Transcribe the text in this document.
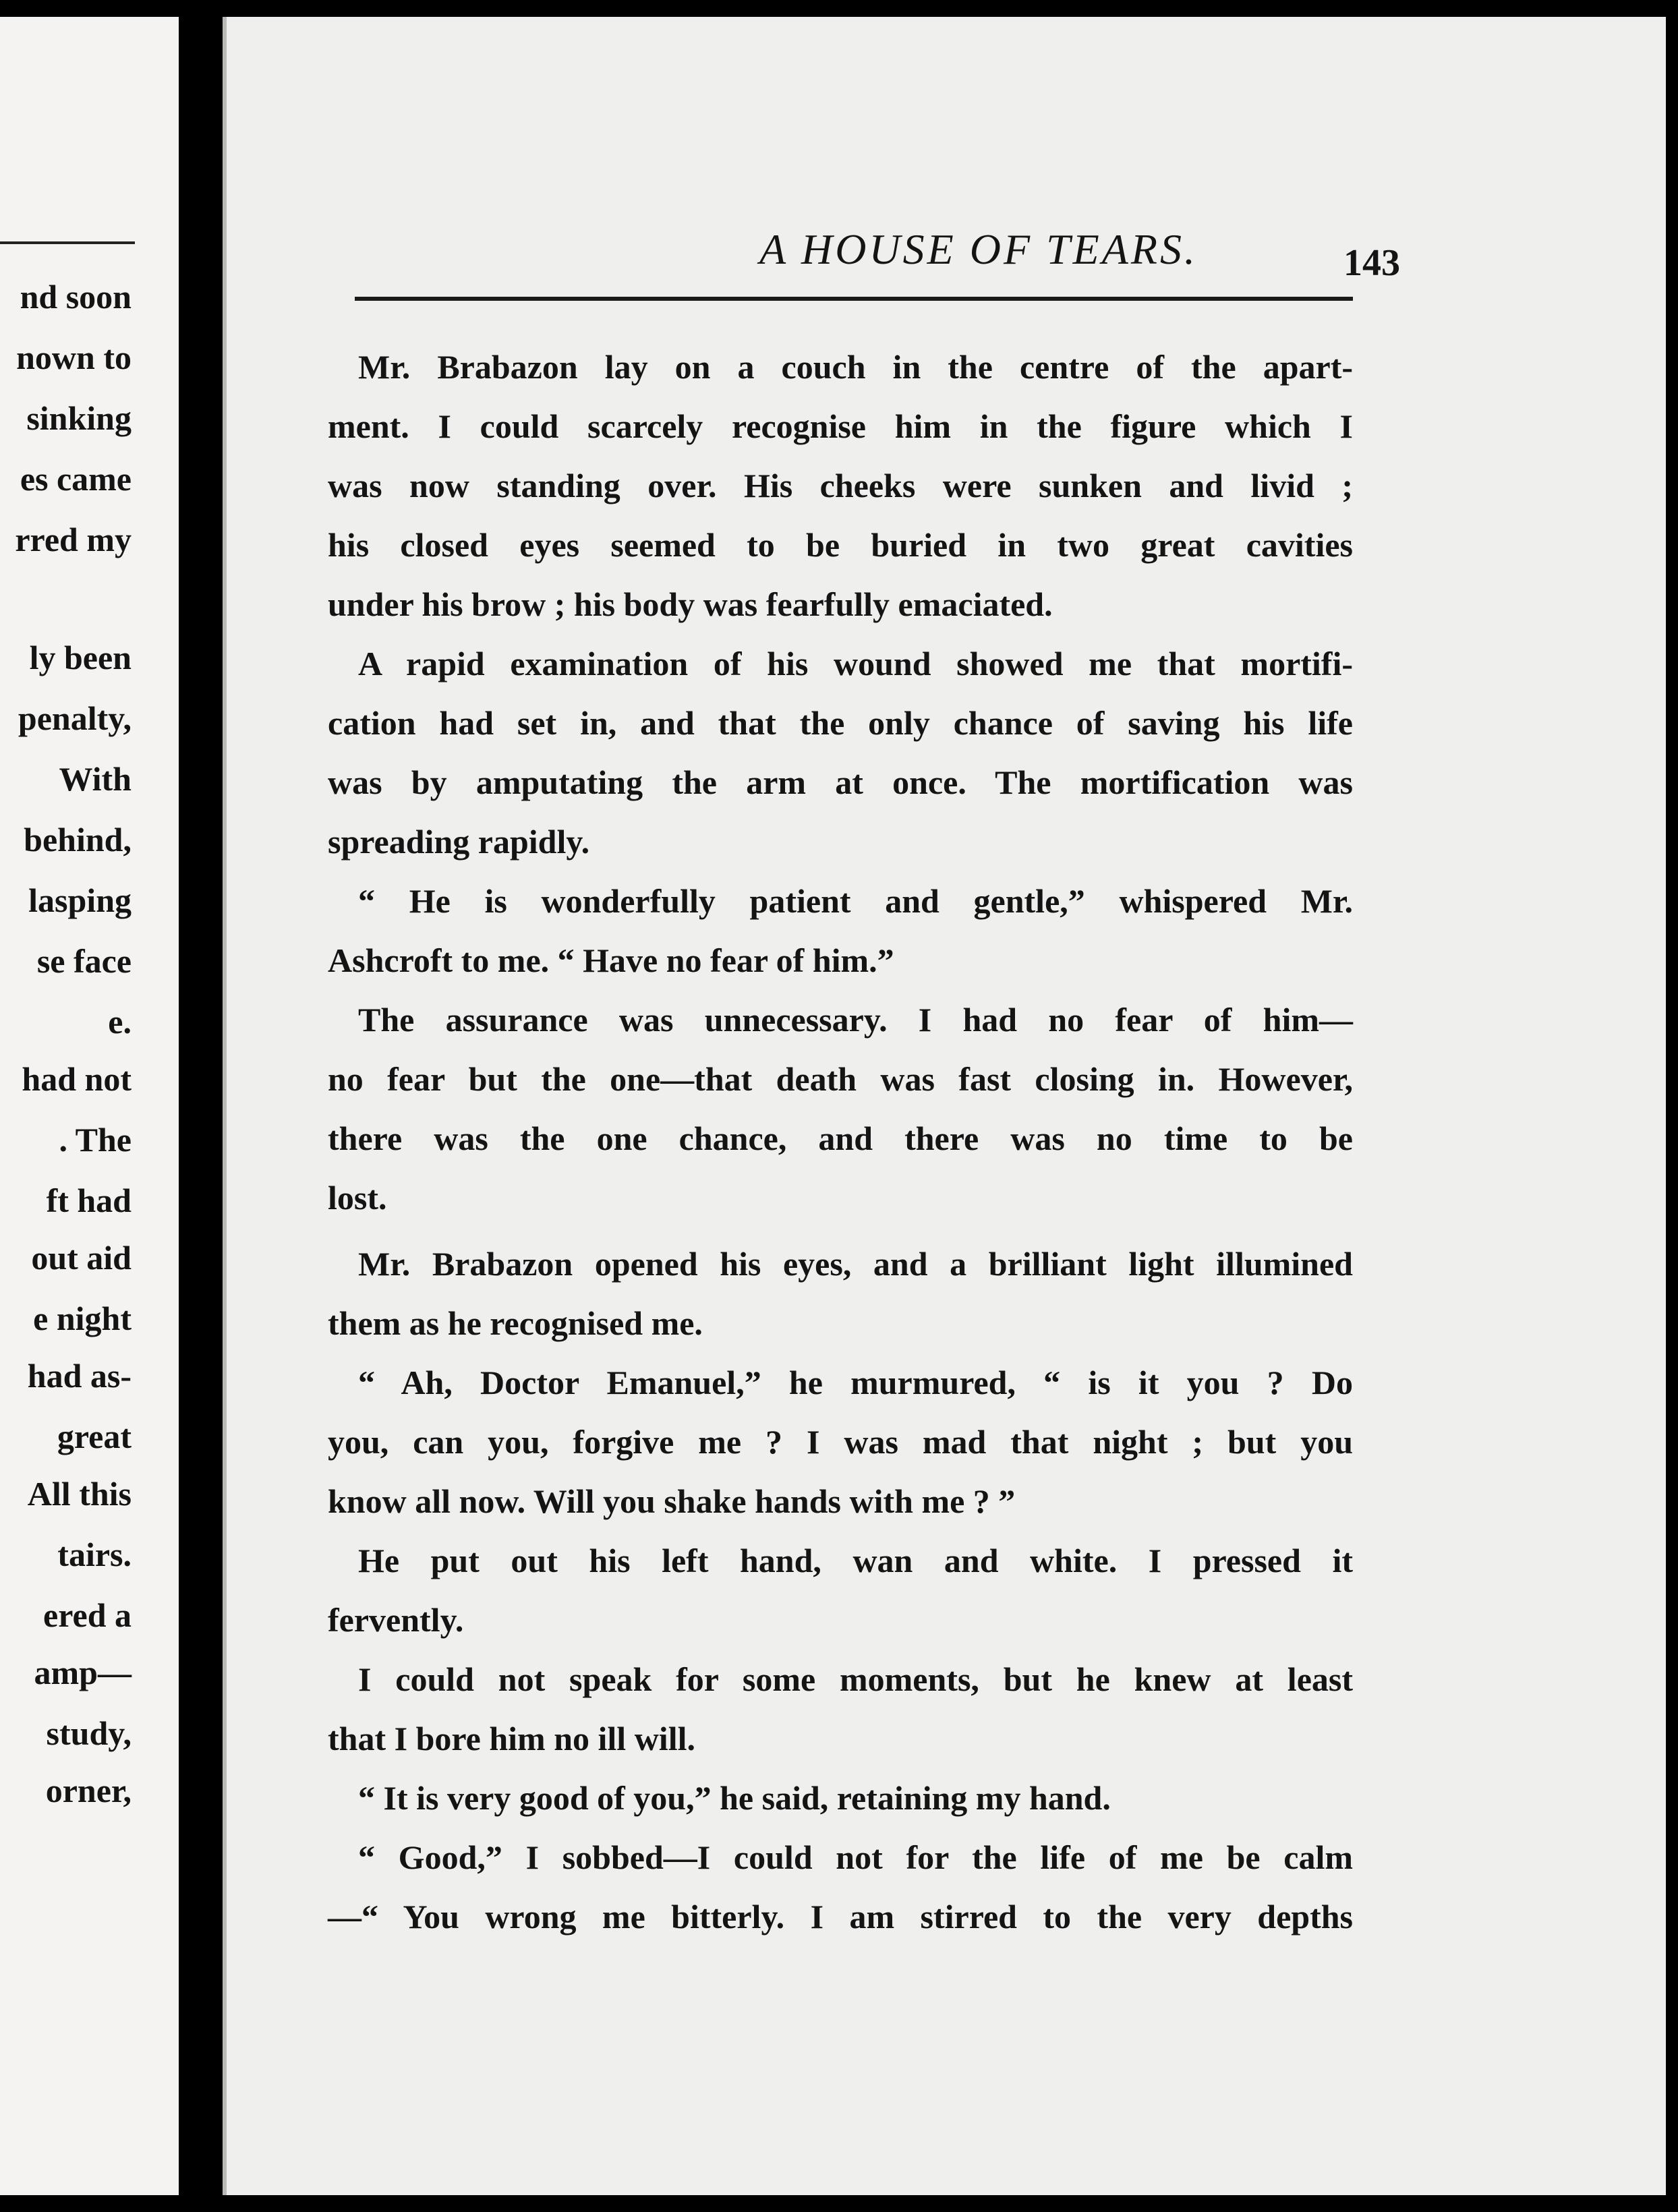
nd soon
nown to
sinking
es came
rred my
ly been
penalty,
With
behind,
lasping
se face
e.
had not
. The
ft had
out aid
e night
had as-
great
All this
tairs.
ered a
amp—
study,
orner,
A HOUSE OF TEARS.	143
Mr. Brabazon lay on a couch in the centre of the apart-
ment. I could scarcely recognise him in the figure which I
was now standing over. His cheeks were sunken and livid ;
his closed eyes seemed to be buried in two great cavities
under his brow ; his body was fearfully emaciated.
A rapid examination of his wound showed me that mortifi-
cation had set in, and that the only chance of saving his life
was by amputating the arm at once. The mortification was
spreading rapidly.
“ He is wonderfully patient and gentle,” whispered Mr.
Ashcroft to me. “ Have no fear of him.”
The assurance was unnecessary. I had no fear of him—
no fear but the one—that death was fast closing in. However,
there was the one chance, and there was no time to be
lost.
Mr. Brabazon opened his eyes, and a brilliant light illumined
them as he recognised me.
“ Ah, Doctor Emanuel,” he murmured, “ is it you ? Do
you, can you, forgive me ? I was mad that night ; but you
know all now. Will you shake hands with me ? ”
He put out his left hand, wan and white. I pressed it
fervently.
I could not speak for some moments, but he knew at least
that I bore him no ill will.
“ It is very good of you,” he said, retaining my hand.
“ Good,” I sobbed—I could not for the life of me be calm
—“ You wrong me bitterly. I am stirred to the very depths
